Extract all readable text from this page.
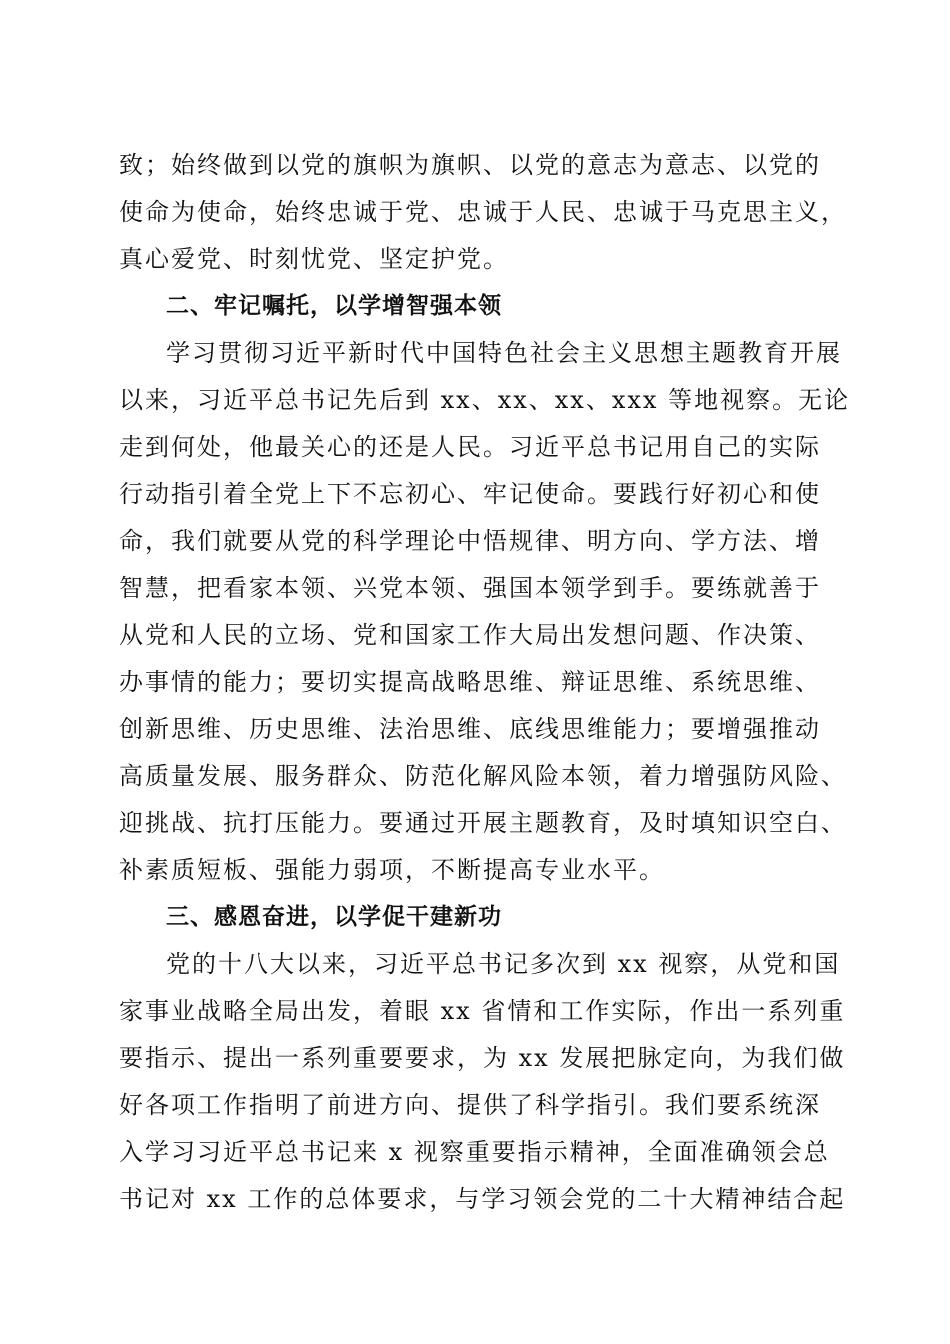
致；始终做到以党的旗帜为旗帜、以党的意志为意志、以党的
使命为使命，始终忠诚于党、忠诚于人民、忠诚于马克思主义，
真心爱党、时刻忧党、坚定护党。
二、牢记嘱托，以学增智强本领
学习贯彻习近平新时代中国特色社会主义思想主题教育开展
以来，习近平总书记先后到 xx、xx、xx、xxx 等地视察。无论
走到何处，他最关心的还是人民。习近平总书记用自己的实际
行动指引着全党上下不忘初心、牢记使命。要践行好初心和使
命，我们就要从党的科学理论中悟规律、明方向、学方法、增
智慧，把看家本领、兴党本领、强国本领学到手。要练就善于
从党和人民的立场、党和国家工作大局出发想问题、作决策、
办事情的能力；要切实提高战略思维、辩证思维、系统思维、
创新思维、历史思维、法治思维、底线思维能力；要增强推动
高质量发展、服务群众、防范化解风险本领，着力增强防风险、
迎挑战、抗打压能力。要通过开展主题教育，及时填知识空白、
补素质短板、强能力弱项，不断提高专业水平。
三、感恩奋进，以学促干建新功
党的十八大以来，习近平总书记多次到 xx 视察，从党和国
家事业战略全局出发，着眼 xx 省情和工作实际，作出一系列重
要指示、提出一系列重要要求，为 xx 发展把脉定向，为我们做
好各项工作指明了前进方向、提供了科学指引。我们要系统深
入学习习近平总书记来 x 视察重要指示精神，全面准确领会总
书记对 xx 工作的总体要求，与学习领会党的二十大精神结合起
